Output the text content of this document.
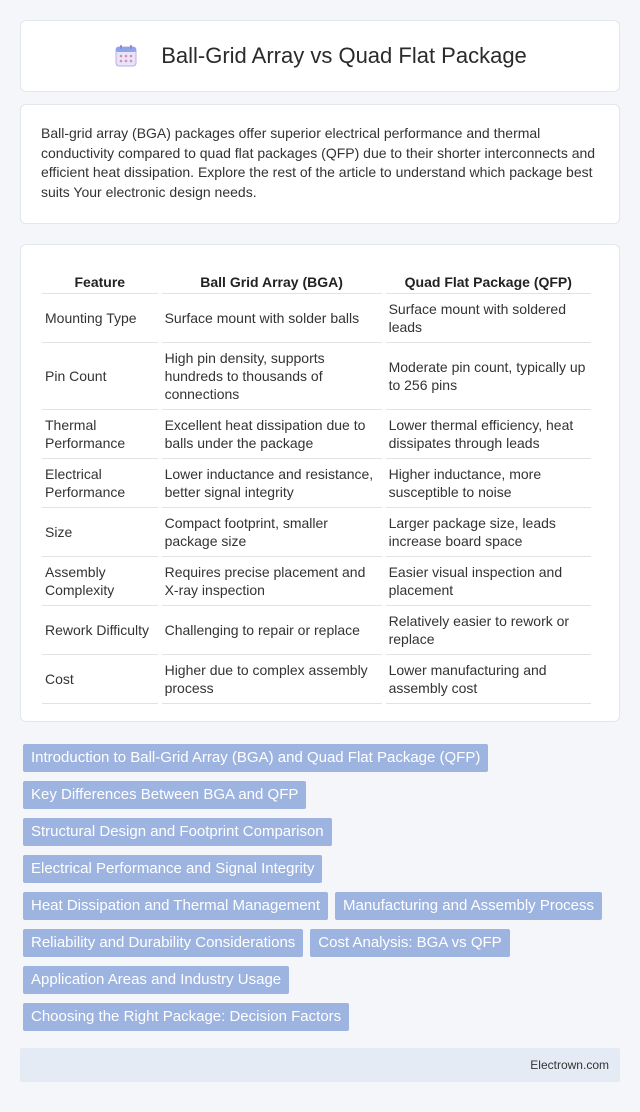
Ball-Grid Array vs Quad Flat Package

Ball-grid array (BGA) packages offer superior electrical performance and thermal conductivity compared to quad flat packages (QFP) due to their shorter interconnects and efficient heat dissipation. Explore the rest of the article to understand which package best suits Your electronic design needs.

Feature	Ball Grid Array (BGA)	Quad Flat Package (QFP)
Mounting Type	Surface mount with solder balls	Surface mount with soldered leads
Pin Count	High pin density, supports hundreds to thousands of connections	Moderate pin count, typically up to 256 pins
Thermal Performance	Excellent heat dissipation due to balls under the package	Lower thermal efficiency, heat dissipates through leads
Electrical Performance	Lower inductance and resistance, better signal integrity	Higher inductance, more susceptible to noise
Size	Compact footprint, smaller package size	Larger package size, leads increase board space
Assembly Complexity	Requires precise placement and X-ray inspection	Easier visual inspection and placement
Rework Difficulty	Challenging to repair or replace	Relatively easier to rework or replace
Cost	Higher due to complex assembly process	Lower manufacturing and assembly cost
Introduction to Ball-Grid Array (BGA) and Quad Flat Package (QFP)
Key Differences Between BGA and QFP
Structural Design and Footprint Comparison
Electrical Performance and Signal Integrity
Heat Dissipation and Thermal Management	Manufacturing and Assembly Process
Reliability and Durability Considerations	Cost Analysis: BGA vs QFP
Application Areas and Industry Usage
Choosing the Right Package: Decision Factors
Electrown.com
